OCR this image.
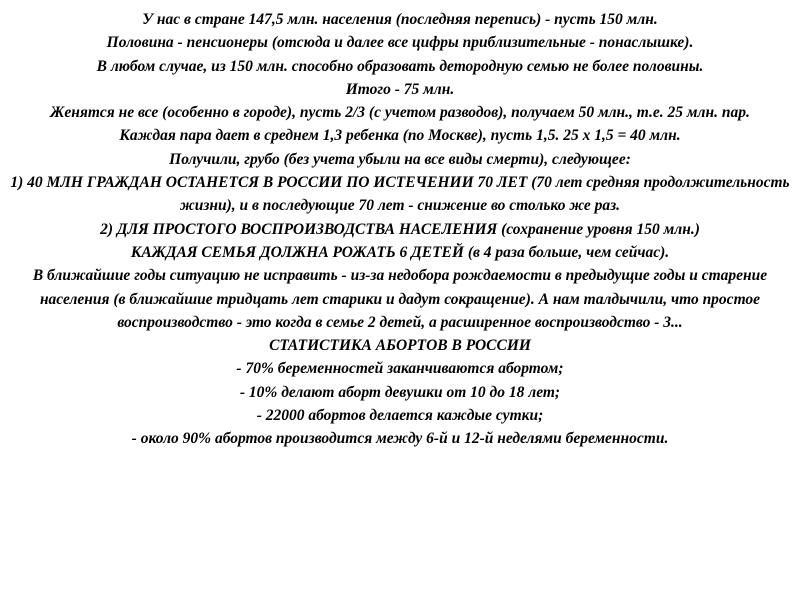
У нас в стране 147,5 млн. населения (последняя перепись) - пусть 150 млн.

Половина - пенсионеры (отсюда и далее все цифры приблизительные - понаслышке).

В любом случае, из 150 млн. способно образовать детородную семью не более половины.

Итого - 75 млн.

Женятся не все (особенно в городе), пусть 2/3 (с учетом разводов), получаем 50 млн., т.е. 25 млн. пар.

Каждая пара дает в среднем 1,3 ребенка (по Москве), пусть 1,5. 25 х 1,5 = 40 млн.

Получили, грубо (без учета убыли на все виды смерти), следующее:

1) 40 МЛН ГРАЖДАН ОСТАНЕТСЯ В РОССИИ ПО ИСТЕЧЕНИИ 70 ЛЕТ (70 лет средняя продолжительность жизни), и в последующие 70 лет - снижение во столько же раз.

2) ДЛЯ ПРОСТОГО ВОСПРОИЗВОДСТВА НАСЕЛЕНИЯ (сохранение уровня 150 млн.)

КАЖДАЯ СЕМЬЯ ДОЛЖНА РОЖАТЬ 6 ДЕТЕЙ (в 4 раза больше, чем сейчас).

В ближайшие годы ситуацию не исправить - из-за недобора рождаемости в предыдущие годы и старение населения (в ближайшие тридцать лет старики и дадут сокращение). А нам талдычили, что простое воспроизводство - это когда в семье 2 детей, а расширенное воспроизводство - 3...

СТАТИСТИКА АБОРТОВ В РОССИИ

- 70% беременностей заканчиваются абортом;

- 10% делают аборт девушки от 10 до 18 лет;

- 22000 абортов делается каждые сутки;

- около 90% абортов производится между 6-й и 12-й неделями беременности.
